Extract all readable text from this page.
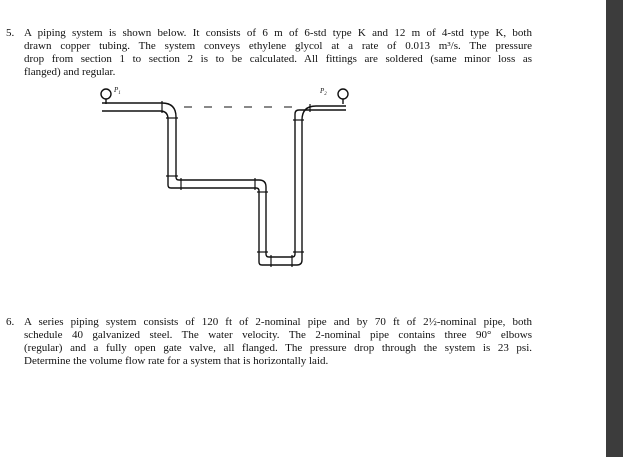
5. A piping system is shown below. It consists of 6 m of 6-std type K and 12 m of 4-std type K, both
drawn copper tubing. The system conveys ethylene glycol at a rate of 0.013 m³/s. The pressure
drop from section 1 to section 2 is to be calculated. All fittings are soldered (same minor loss as
flanged) and regular.
$P_1$	$P_2$
6. A series piping system consists of 120 ft of 2-nominal pipe and by 70 ft of 2½-nominal pipe, both
schedule 40 galvanized steel. The water velocity. The 2-nominal pipe contains three 90° elbows
(regular) and a fully open gate valve, all flanged. The pressure drop through the system is 23 psi.
Determine the volume flow rate for a system that is horizontally laid.
